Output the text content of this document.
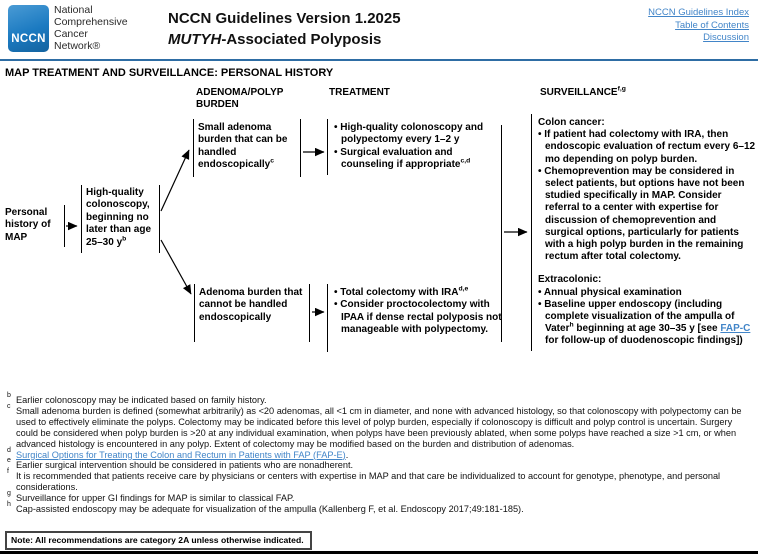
NCCN
National
Comprehensive
Cancer
Network®
NCCN Guidelines Version 1.2025
MUTYH-Associated Polyposis
NCCN Guidelines Index
Table of Contents
Discussion
MAP TREATMENT AND SURVEILLANCE: PERSONAL HISTORY
ADENOMA/POLYP BURDEN
TREATMENT	SURVEILLANCE$^{f,g}$
Personal history of MAP
High-quality colonoscopy, beginning no later than age 25–30 $y^b$
Small adenoma burden that can be handled endoscopically$^c$
Adenoma burden that cannot be handled endoscopically
• High-quality colonoscopy and polypectomy every 1–2 y
• Surgical evaluation and counseling if appropriate$^{c,d}$
• Total colectomy with IRA$^{d,e}$
• Consider proctocolectomy with IPAA if dense rectal polyposis not manageable with polypectomy.
Colon cancer:
• If patient had colectomy with IRA, then endoscopic evaluation of rectum every 6–12 mo depending on polyp burden.
• Chemoprevention may be considered in select patients, but options have not been studied specifically in MAP. Consider referral to a center with expertise for discussion of chemoprevention and surgical options, particularly for patients with a high polyp burden in the remaining rectum after total colectomy.
Extracolonic:
• Annual physical examination
• Baseline upper endoscopy (including complete visualization of the ampulla of Vater$^h$ beginning at age 30–35 y [see FAP-C for follow-up of duodenoscopic findings])
b Earlier colonoscopy may be indicated based on family history.
c Small adenoma burden is defined (somewhat arbitrarily) as <20 adenomas, all <1 cm in diameter, and none with advanced histology, so that colonoscopy with polypectomy can be used to effectively eliminate the polyps. Colectomy may be indicated before this level of polyp burden, especially if colonoscopy is difficult and polyp control is uncertain. Surgery could be considered when polyp burden is >20 at any individual examination, when polyps have been previously ablated, when some polyps have reached a size >1 cm, or when advanced histology is encountered in any polyp. Extent of colectomy may be modified based on the burden and distribution of adenomas.
d Surgical Options for Treating the Colon and Rectum in Patients with FAP (FAP-E).
e Earlier surgical intervention should be considered in patients who are nonadherent.
f It is recommended that patients receive care by physicians or centers with expertise in MAP and that care be individualized to account for genotype, phenotype, and personal considerations.
g Surveillance for upper GI findings for MAP is similar to classical FAP.
h Cap-assisted endoscopy may be adequate for visualization of the ampulla (Kallenberg F, et al. Endoscopy 2017;49:181-185).
Note: All recommendations are category 2A unless otherwise indicated.
